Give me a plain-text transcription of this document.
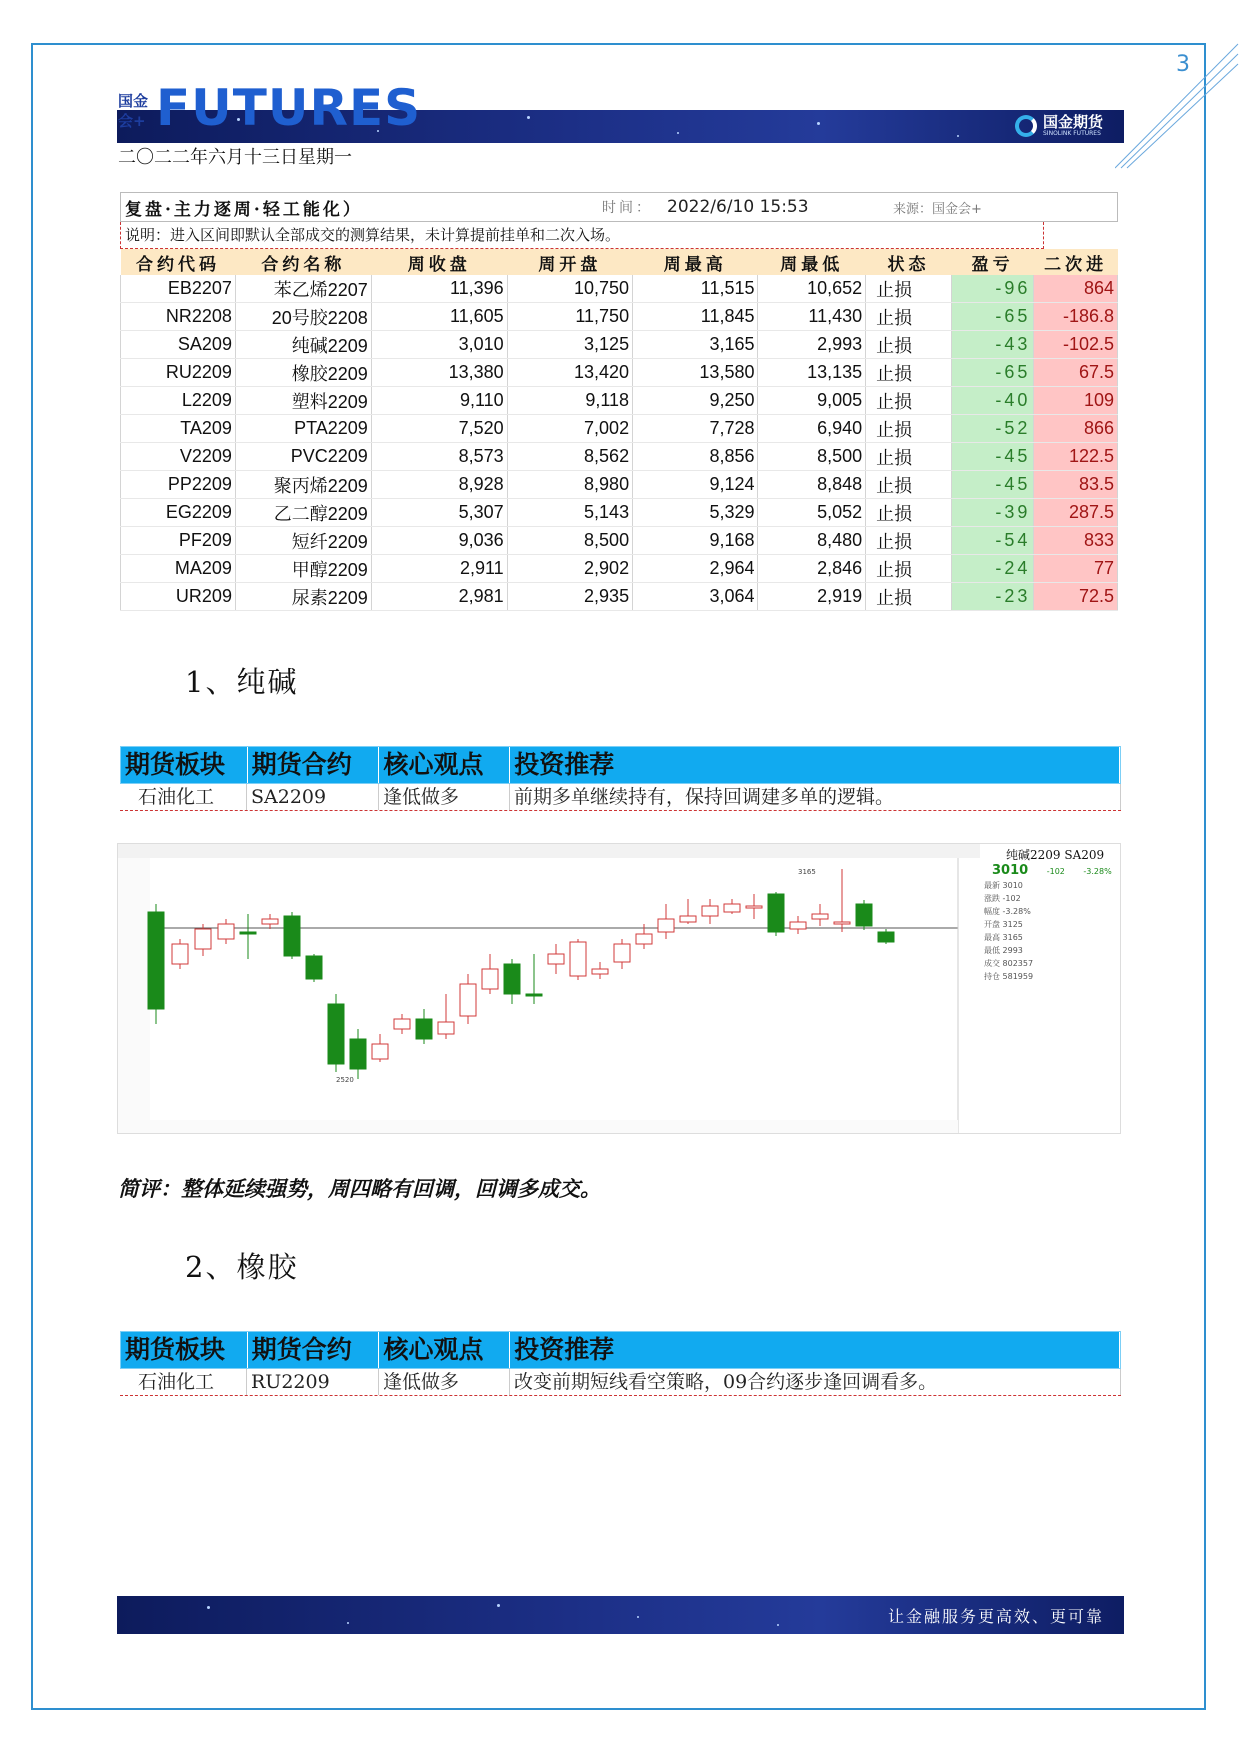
3
国金会+ FUTURES	国金期货
SINOLINK FUTURES
二〇二二年六月十三日星期一
复盘·主力逐周·轻工能化）	时间： 2022/6/10 15:53	来源：国金会+
说明：进入区间即默认全部成交的测算结果，未计算提前挂单和二次入场。
合约代码	合约名称	周收盘	周开盘	周最高	周最低	状态	盈亏	二次进
EB2207	苯乙烯2207	11,396	10,750	11,515	10,652	止损	-96	864
NR2208	20号胶2208	11,605	11,750	11,845	11,430	止损	-65	-186.8
SA209	纯碱2209	3,010	3,125	3,165	2,993	止损	-43	-102.5
RU2209	橡胶2209	13,380	13,420	13,580	13,135	止损	-65	67.5
L2209	塑料2209	9,110	9,118	9,250	9,005	止损	-40	109
TA209	PTA2209	7,520	7,002	7,728	6,940	止损	-52	866
V2209	PVC2209	8,573	8,562	8,856	8,500	止损	-45	122.5
PP2209	聚丙烯2209	8,928	8,980	9,124	8,848	止损	-45	83.5
EG2209	乙二醇2209	5,307	5,143	5,329	5,052	止损	-39	287.5
PF209	短纤2209	9,036	8,500	9,168	8,480	止损	-54	833
MA209	甲醇2209	2,911	2,902	2,964	2,846	止损	-24	77
UR209	尿素2209	2,981	2,935	3,064	2,919	止损	-23	72.5
1、纯碱
期货板块	期货合约	核心观点	投资推荐
石油化工	SA2209	逢低做多	前期多单继续持有，保持回调建多单的逻辑。
3165
2520
纯碱2209 SA209
3010 -102 -3.28%
最新 3010
涨跌 -102
幅度 -3.28%
开盘 3125
最高 3165
最低 2993
成交 802357
持仓 581959
简评：整体延续强势，周四略有回调，回调多成交。
2、橡胶
期货板块	期货合约	核心观点	投资推荐
石油化工	RU2209	逢低做多	改变前期短线看空策略，09合约逐步逢回调看多。
让金融服务更高效、更可靠
